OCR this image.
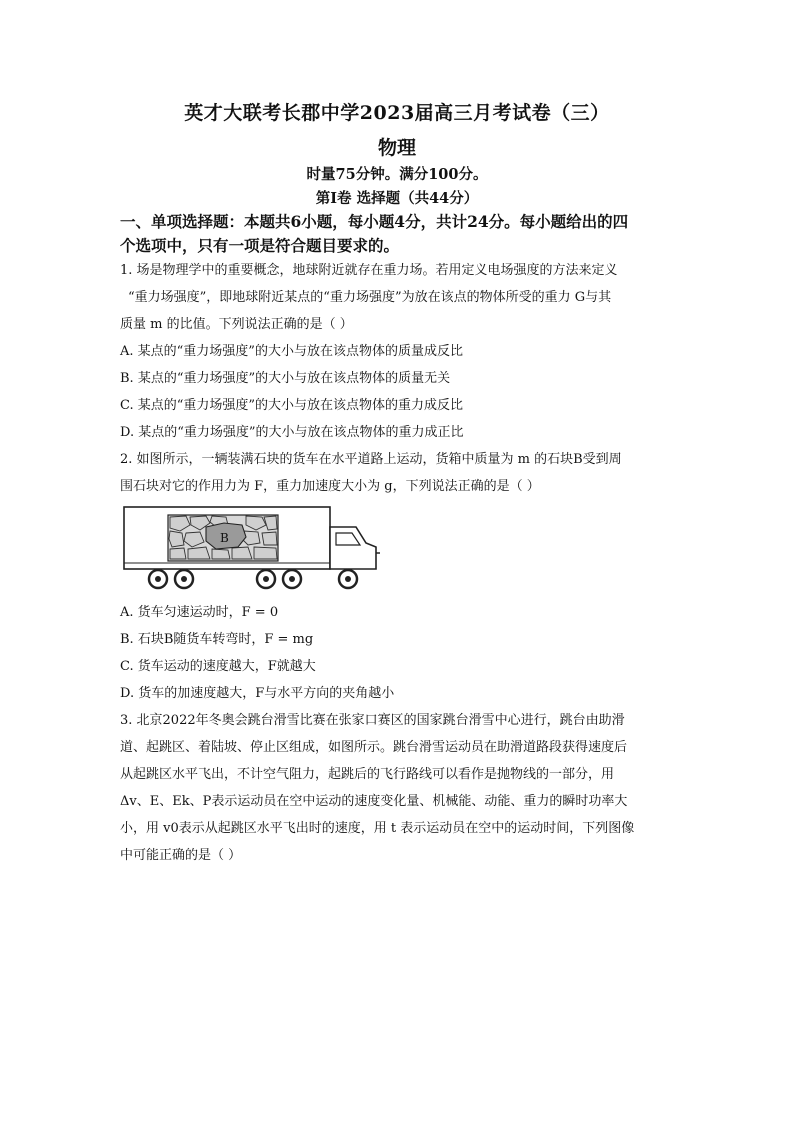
英才大联考长郡中学2023届高三月考试卷（三）
物理
时量75分钟。满分100分。
第Ⅰ卷 选择题（共44分）
一、单项选择题：本题共6小题，每小题4分，共计24分。每小题给出的四
个选项中，只有一项是符合题目要求的。
1. 场是物理学中的重要概念，地球附近就存在重力场。若用定义电场强度的方法来定义
“重力场强度”，即地球附近某点的“重力场强度”为放在该点的物体所受的重力 G与其
质量 m 的比值。下列说法正确的是（ ）
A. 某点的“重力场强度”的大小与放在该点物体的质量成反比
B. 某点的“重力场强度”的大小与放在该点物体的质量无关
C. 某点的“重力场强度”的大小与放在该点物体的重力成反比
D. 某点的“重力场强度”的大小与放在该点物体的重力成正比
2. 如图所示，一辆装满石块的货车在水平道路上运动，货箱中质量为 m 的石块B受到周
围石块对它的作用力为 F，重力加速度大小为 g，下列说法正确的是（ ）
B
A. 货车匀速运动时，F = 0
B. 石块B随货车转弯时，F = mg
C. 货车运动的速度越大，F就越大
D. 货车的加速度越大，F与水平方向的夹角越小
3. 北京2022年冬奥会跳台滑雪比赛在张家口赛区的国家跳台滑雪中心进行，跳台由助滑
道、起跳区、着陆坡、停止区组成，如图所示。跳台滑雪运动员在助滑道路段获得速度后
从起跳区水平飞出，不计空气阻力，起跳后的飞行路线可以看作是抛物线的一部分，用
Δv、E、Ek、P表示运动员在空中运动的速度变化量、机械能、动能、重力的瞬时功率大
小，用 v0表示从起跳区水平飞出时的速度，用 t 表示运动员在空中的运动时间，下列图像
中可能正确的是（ ）
